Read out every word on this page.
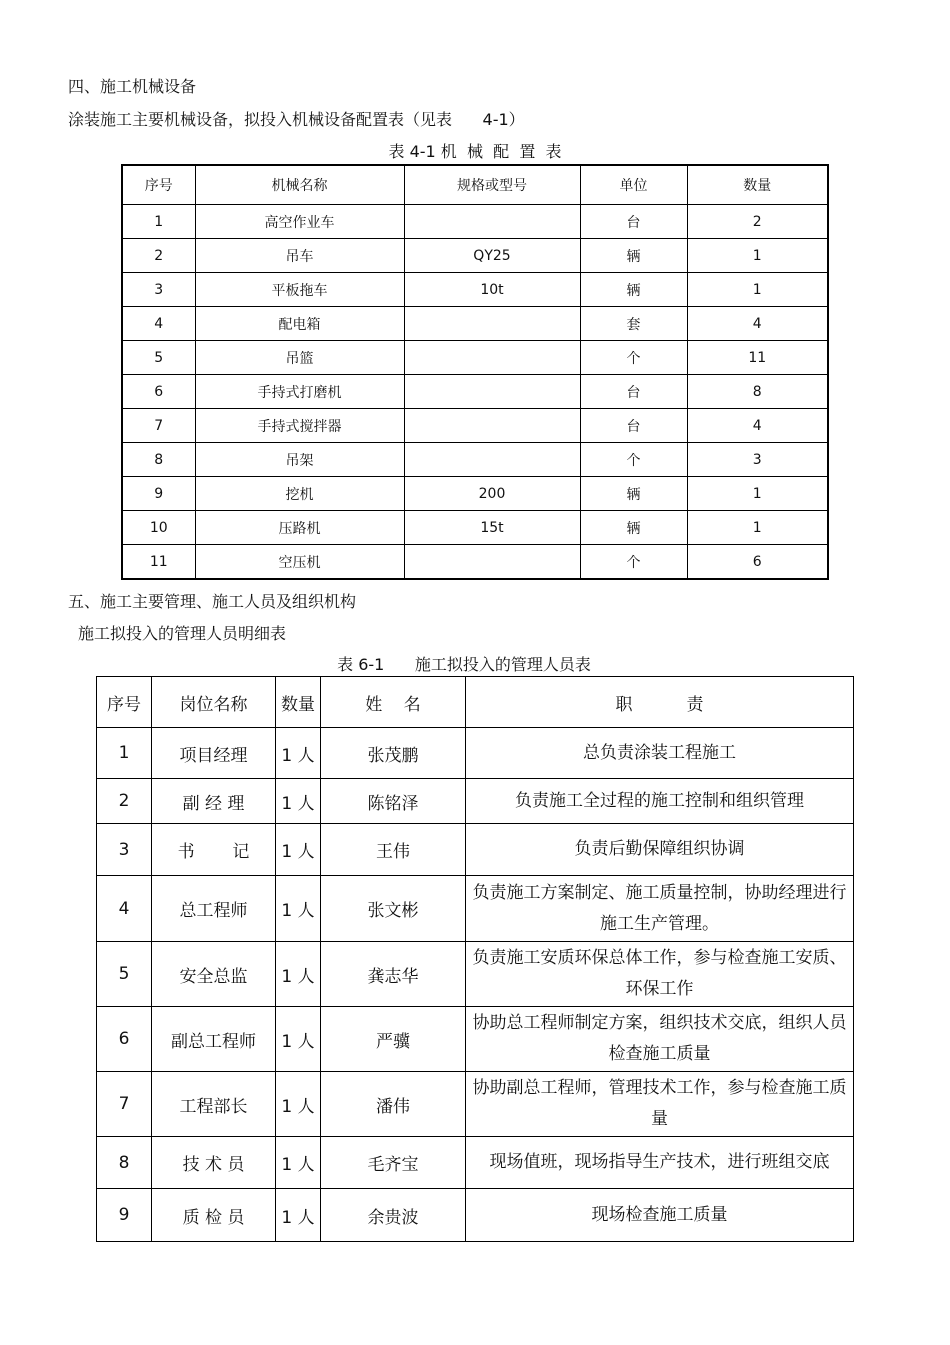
四、施工机械设备
涂装施工主要机械设备，拟投入机械设备配置表（见表      4-1）
表 4-1 机  械  配  置  表
序号	机械名称	规格或型号	单位	数量
1	高空作业车		台	2
2	吊车	QY25	辆	1
3	平板拖车	10t	辆	1
4	配电箱		套	4
5	吊篮		个	11
6	手持式打磨机		台	8
7	手持式搅拌器		台	4
8	吊架		个	3
9	挖机	200	辆	1
10	压路机	15t	辆	1
11	空压机		个	6
五、施工主要管理、施工人员及组织机构
施工拟投入的管理人员明细表
表 6-1      施工拟投入的管理人员表
序号	岗位名称	数量	姓    名	职          责
1	项目经理	1 人	张茂鹏	总负责涂装工程施工
2	副 经 理	1 人	陈铭泽	负责施工全过程的施工控制和组织管理
3	书       记	1 人	王伟	负责后勤保障组织协调
4	总工程师	1 人	张文彬	负责施工方案制定、施工质量控制，协助经理进行施工生产管理。
5	安全总监	1 人	龚志华	负责施工安质环保总体工作，参与检查施工安质、环保工作
6	副总工程师	1 人	严骥	协助总工程师制定方案，组织技术交底，组织人员检查施工质量
7	工程部长	1 人	潘伟	协助副总工程师，管理技术工作，参与检查施工质量
8	技 术 员	1 人	毛齐宝	现场值班，现场指导生产技术，进行班组交底
9	质 检 员	1 人	余贵波	现场检查施工质量
